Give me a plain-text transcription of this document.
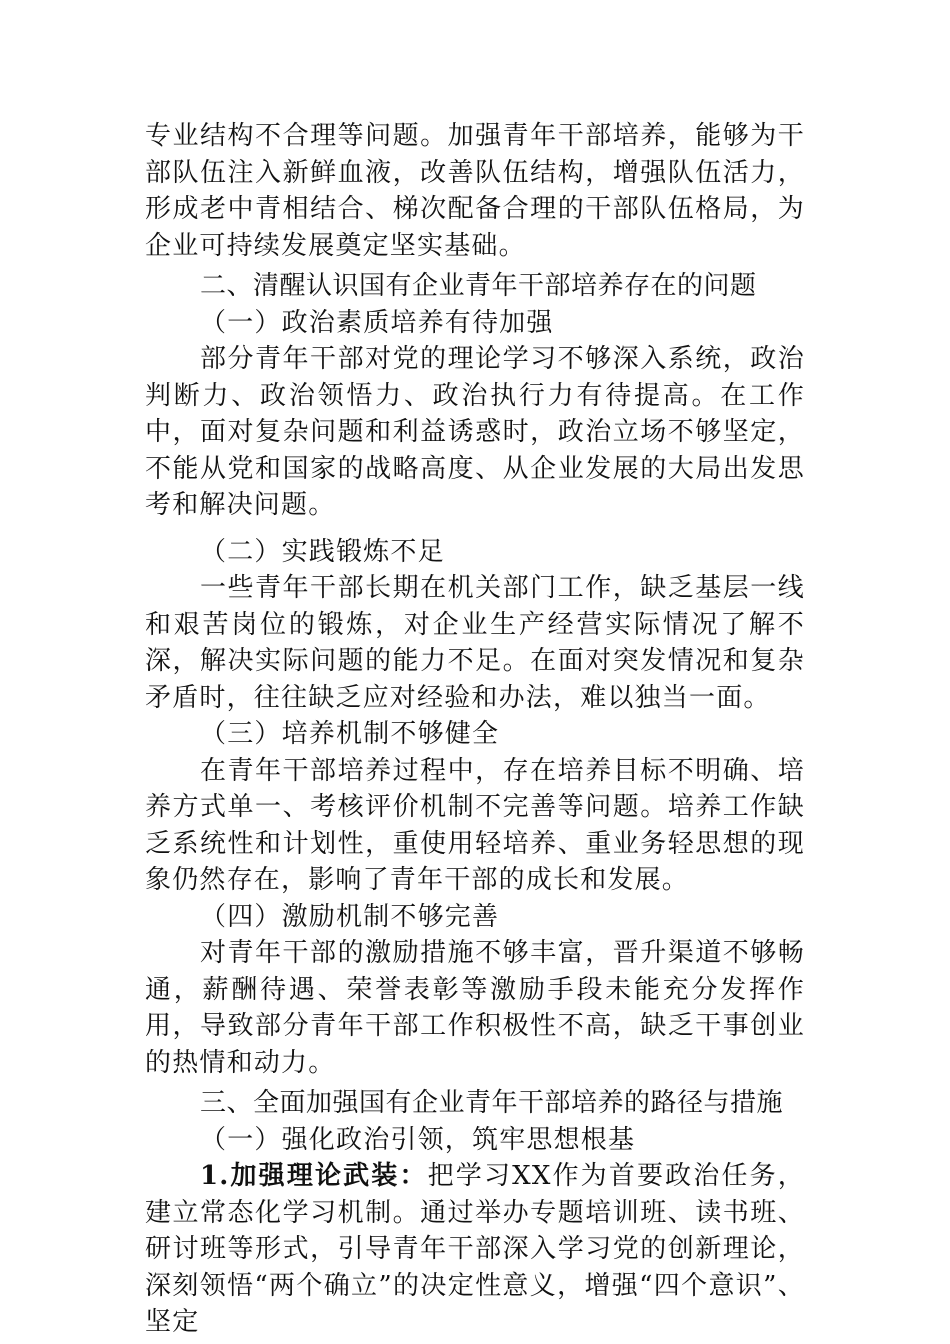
专业结构不合理等问题。加强青年干部培养，能够为干部队伍注入新鲜血液，改善队伍结构，增强队伍活力，形成老中青相结合、梯次配备合理的干部队伍格局，为企业可持续发展奠定坚实基础。

二、清醒认识国有企业青年干部培养存在的问题

（一）政治素质培养有待加强

部分青年干部对党的理论学习不够深入系统，政治判断力、政治领悟力、政治执行力有待提高。在工作中，面对复杂问题和利益诱惑时，政治立场不够坚定，不能从党和国家的战略高度、从企业发展的大局出发思考和解决问题。

（二）实践锻炼不足

一些青年干部长期在机关部门工作，缺乏基层一线和艰苦岗位的锻炼，对企业生产经营实际情况了解不深，解决实际问题的能力不足。在面对突发情况和复杂矛盾时，往往缺乏应对经验和办法，难以独当一面。

（三）培养机制不够健全

在青年干部培养过程中，存在培养目标不明确、培养方式单一、考核评价机制不完善等问题。培养工作缺乏系统性和计划性，重使用轻培养、重业务轻思想的现象仍然存在，影响了青年干部的成长和发展。

（四）激励机制不够完善

对青年干部的激励措施不够丰富，晋升渠道不够畅通，薪酬待遇、荣誉表彰等激励手段未能充分发挥作用，导致部分青年干部工作积极性不高，缺乏干事创业的热情和动力。

三、全面加强国有企业青年干部培养的路径与措施

（一）强化政治引领，筑牢思想根基

1.加强理论武装：把学习XX作为首要政治任务，建立常态化学习机制。通过举办专题培训班、读书班、研讨班等形式，引导青年干部深入学习党的创新理论，深刻领悟“两个确立”的决定性意义，增强“四个意识”、坚定
